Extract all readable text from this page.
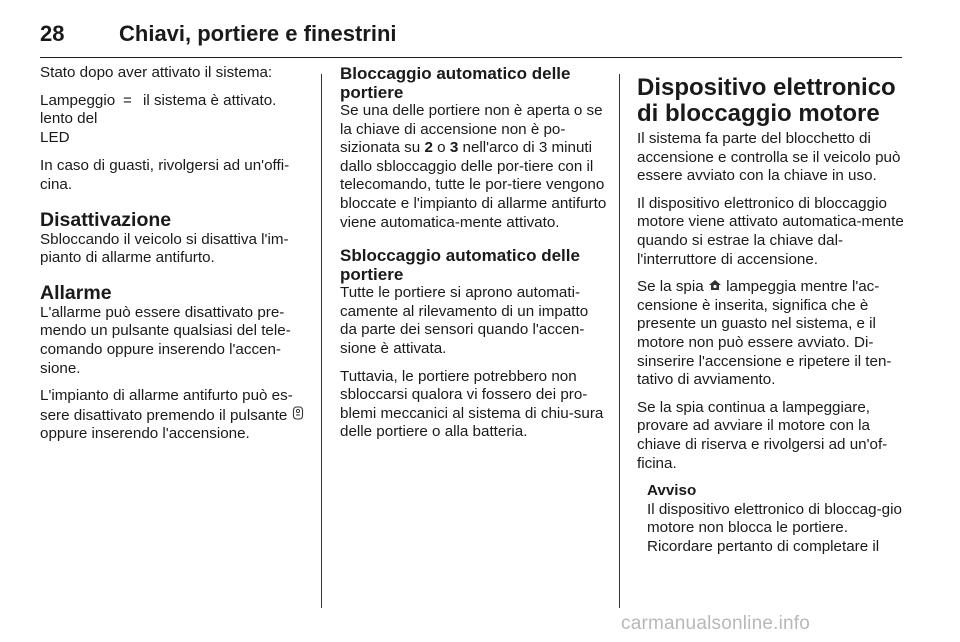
28 Chiavi, portiere e finestrini

Stato dopo aver attivato il sistema:

Lampeggio lento del LED
= il sistema è attivato.

In caso di guasti, rivolgersi ad un'offi-cina.

Disattivazione

Sbloccando il veicolo si disattiva l'im-pianto di allarme antifurto.

Allarme

L'allarme può essere disattivato pre-mendo un pulsante qualsiasi del tele-comando oppure inserendo l'accen-sione.

L'impianto di allarme antifurto può es-sere disattivato premendo il pulsante  oppure inserendo l'accensione.

Bloccaggio automatico delle portiere

Se una delle portiere non è aperta o se la chiave di accensione non è po-sizionata su 2 o 3 nell'arco di 3 minuti dallo sbloccaggio delle por-tiere con il telecomando, tutte le por-tiere vengono bloccate e l'impianto di allarme antifurto viene automatica-mente attivato.

Sbloccaggio automatico delle portiere

Tutte le portiere si aprono automati-camente al rilevamento di un impatto da parte dei sensori quando l'accen-sione è attivata.

Tuttavia, le portiere potrebbero non sbloccarsi qualora vi fossero dei pro-blemi meccanici al sistema di chiu-sura delle portiere o alla batteria.

Dispositivo elettronico di bloccaggio motore

Il sistema fa parte del blocchetto di accensione e controlla se il veicolo può essere avviato con la chiave in uso.

Il dispositivo elettronico di bloccaggio motore viene attivato automatica-mente quando si estrae la chiave dal-l'interruttore di accensione.

Se la spia lampeggia mentre l'ac-censione è inserita, significa che è presente un guasto nel sistema, e il motore non può essere avviato. Di-sinserire l'accensione e ripetere il ten-tativo di avviamento.

Se la spia continua a lampeggiare, provare ad avviare il motore con la chiave di riserva e rivolgersi ad un'of-ficina.

Avviso
Il dispositivo elettronico di bloccag-gio motore non blocca le portiere. Ricordare pertanto di completare il
carmanualsonline.info
